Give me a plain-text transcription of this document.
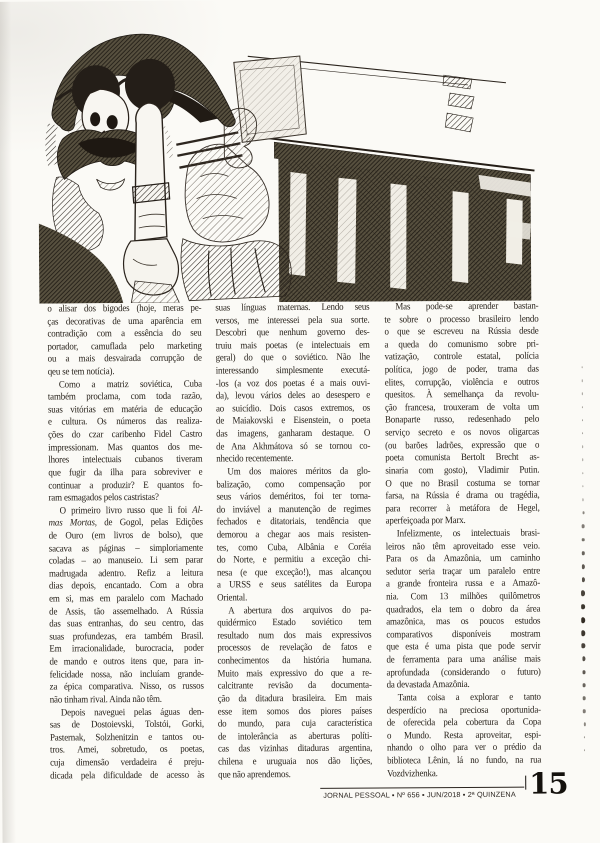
o alisar dos bigodes (hoje, meras pe-
ças decorativas de uma aparência em
contradição com a essência do seu
portador, camuflada pelo marketing
ou a mais desvairada corrupção de
qeu se tem notícia).
Como a matriz soviética, Cuba
também proclama, com toda razão,
suas vitórias em matéria de educação
e cultura. Os números das realiza-
ções do czar caribenho Fidel Castro
impressionam. Mas quantos dos me-
lhores intelectuais cubanos tiveram
que fugir da ilha para sobreviver e
continuar a produzir? E quantos fo-
ram esmagados pelos castristas?
O primeiro livro russo que li foi Al-
mas Mortas, de Gogol, pelas Edições
de Ouro (em livros de bolso), que
sacava as páginas – simploriamente
coladas – ao manuseio. Li sem parar
madrugada adentro. Refiz a leitura
dias depois, encantado. Com a obra
em si, mas em paralelo com Machado
de Assis, tão assemelhado. A Rússia
das suas entranhas, do seu centro, das
suas profundezas, era também Brasil.
Em irracionalidade, burocracia, poder
de mando e outros itens que, para in-
felicidade nossa, não incluíam grande-
za épica comparativa. Nisso, os russos
não tinham rival. Ainda não têm.
Depois naveguei pelas águas den-
sas de Dostoievski, Tolstói, Gorki,
Pasternak, Solzhenitzin e tantos ou-
tros. Amei, sobretudo, os poetas,
cuja dimensão verdadeira é preju-
dicada pela dificuldade de acesso às
suas línguas maternas. Lendo seus
versos, me interessei pela sua sorte.
Descobri que nenhum governo des-
truiu mais poetas (e intelectuais em
geral) do que o soviético. Não lhe
interessando simplesmente executá-
-los (a voz dos poetas é a mais ouvi-
da), levou vários deles ao desespero e
ao suicídio. Dois casos extremos, os
de Maiakovski e Eisenstein, o poeta
das imagens, ganharam destaque. O
de Ana Akhmátova só se tornou co-
nhecido recentemente.
Um dos maiores méritos da glo-
balização, como compensação por
seus vários deméritos, foi ter torna-
do inviável a manutenção de regimes
fechados e ditatoriais, tendência que
demorou a chegar aos mais resisten-
tes, como Cuba, Albânia e Coréia
do Norte, e permitiu a exceção chi-
nesa (e que exceção!), mas alcançou
a URSS e seus satélites da Europa
Oriental.
A abertura dos arquivos do pa-
quidérmico Estado soviético tem
resultado num dos mais expressivos
processos de revelação de fatos e
conhecimentos da história humana.
Muito mais expressivo do que a re-
calcitrante revisão da documenta-
ção da ditadura brasileira. Em mais
esse item somos dos piores países
do mundo, para cuja característica
de intolerância as aberturas políti-
cas das vizinhas ditaduras argentina,
chilena e uruguaia nos dão lições,
que não aprendemos.
Mas pode-se aprender bastan-
te sobre o processo brasileiro lendo
o que se escreveu na Rússia desde
a queda do comunismo sobre pri-
vatização, controle estatal, polícia
política, jogo de poder, trama das
elites, corrupção, violência e outros
quesitos. À semelhança da revolu-
ção francesa, trouxeram de volta um
Bonaparte russo, redesenhado pelo
serviço secreto e os novos oligarcas
(ou barões ladrões, expressão que o
poeta comunista Bertolt Brecht as-
sinaria com gosto), Vladimir Putin.
O que no Brasil costuma se tornar
farsa, na Rússia é drama ou tragédia,
para recorrer à metáfora de Hegel,
aperfeiçoada por Marx.
Infelizmente, os intelectuais brasi-
leiros não têm aproveitado esse veio.
Para os da Amazônia, um caminho
sedutor seria traçar um paralelo entre
a grande fronteira russa e a Amazô-
nia. Com 13 milhões quilômetros
quadrados, ela tem o dobro da área
amazônica, mas os poucos estudos
comparativos disponíveis mostram
que esta é uma pista que pode servir
de ferramenta para uma análise mais
aprofundada (considerando o futuro)
da devastada Amazônia.
Tanta coisa a explorar e tanto
desperdício na preciosa oportunida-
de oferecida pela cobertura da Copa
o Mundo. Resta aproveitar, espi-
nhando o olho para ver o prédio da
biblioteca Lênin, lá no fundo, na rua
Vozdvizhenka.
JORNAL PESSOAL ▪ Nº 656 ▪ JUN/2018 ▪ 2ª QUINZENA 15
